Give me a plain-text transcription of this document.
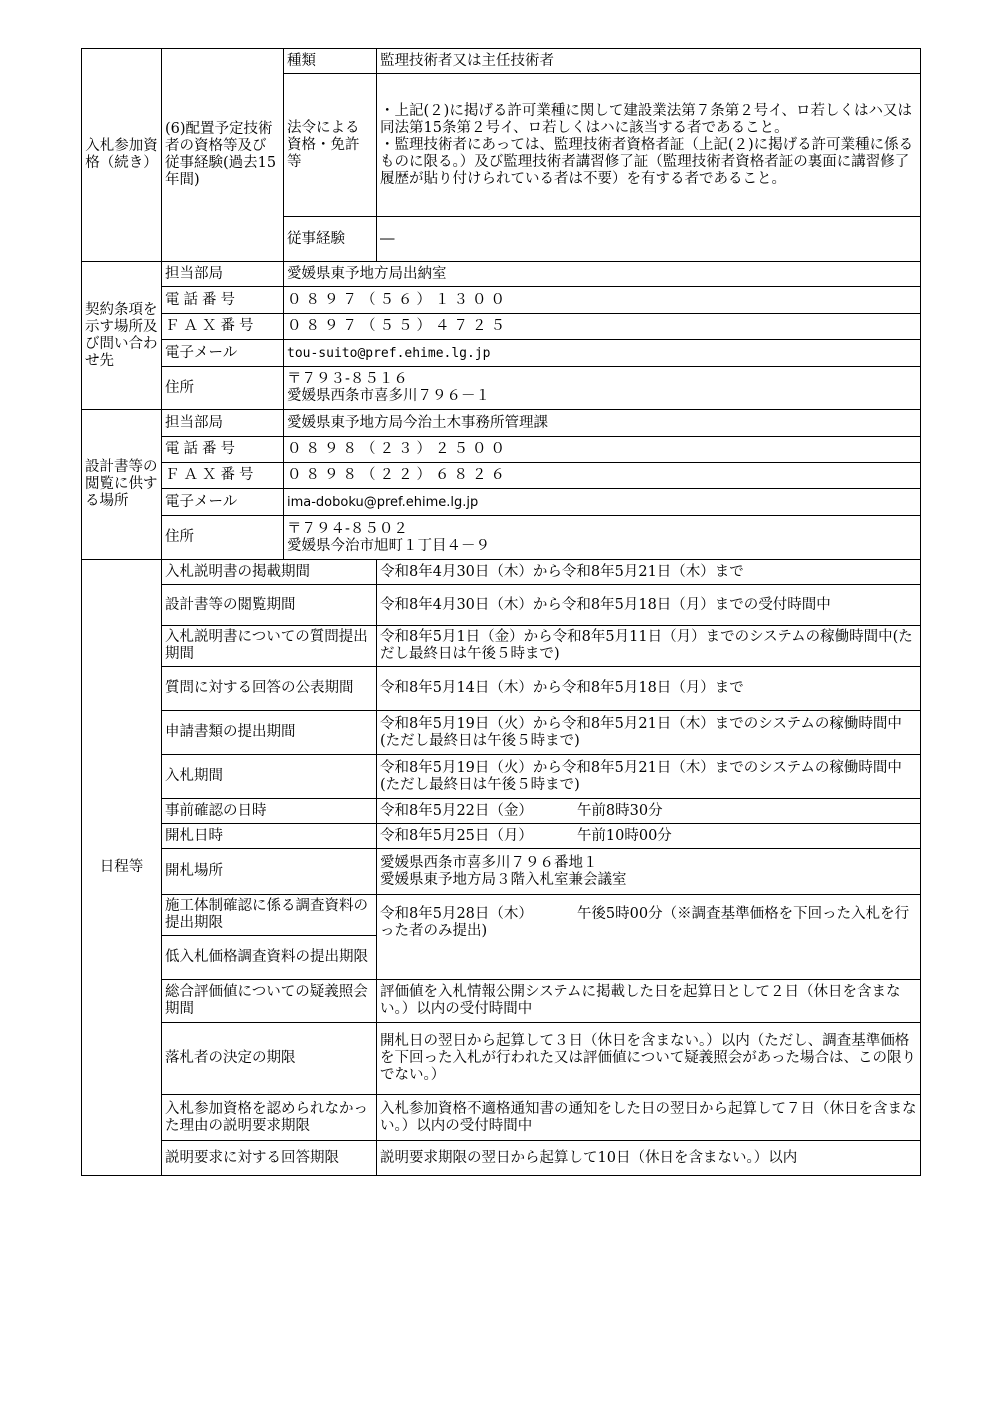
入札参加資格（続き）	(6)配置予定技術者の資格等及び従事経験(過去15年間)	種類	監理技術者又は主任技術者
		法令による資格・免許等	・上記(２)に掲げる許可業種に関して建設業法第７条第２号イ、ロ若しくはハ又は同法第15条第２号イ、ロ若しくはハに該当する者であること。
・監理技術者にあっては、監理技術者資格者証（上記(２)に掲げる許可業種に係るものに限る。）及び監理技術者講習修了証（監理技術者資格者証の裏面に講習修了履歴が貼り付けられている者は不要）を有する者であること。

		従事経験	―
契約条項を示す場所及び問い合わせ先	担当部局	愛媛県東予地方局出納室	
	電話番号	０８９７（５６）１３００	
	ＦＡＸ番号	０８９７（５５）４７２５	
	電子メール	tou-suito@pref.ehime.lg.jp	
	住所	〒７９３-８５１６
愛媛県西条市喜多川７９６－１	

設計書等の閲覧に供する場所	担当部局	愛媛県東予地方局今治土木事務所管理課	
	電話番号	０８９８（２３）２５００	
	ＦＡＸ番号	０８９８（２２）６８２６	
	電子メール	ima-doboku@pref.ehime.lg.jp	
	住所	〒７９４-８５０２
愛媛県今治市旭町１丁目４－９	

日程等	入札説明書の掲載期間		令和8年4月30日（木）から令和8年5月21日（木）まで
	設計書等の閲覧期間		令和8年4月30日（木）から令和8年5月18日（月）までの受付時間中
	入札説明書についての質問提出期間		令和8年5月1日（金）から令和8年5月11日（月）までのシステムの稼働時間中(ただし最終日は午後５時まで)
	質問に対する回答の公表期間		令和8年5月14日（木）から令和8年5月18日（月）まで
	申請書類の提出期間		令和8年5月19日（火）から令和8年5月21日（木）までのシステムの稼働時間中(ただし最終日は午後５時まで)
	入札期間		令和8年5月19日（火）から令和8年5月21日（木）までのシステムの稼働時間中(ただし最終日は午後５時まで)
	事前確認の日時		令和8年5月22日（金） 午前8時30分
	開札日時		令和8年5月25日（月） 午前10時00分
	開札場所		愛媛県西条市喜多川７９６番地１
愛媛県東予地方局３階入札室兼会議室

	施工体制確認に係る調査資料の提出期限		令和8年5月28日（木） 午後5時00分（※調査基準価格を下回った入札を行った者のみ提出)

	低入札価格調査資料の提出期限		
	総合評価値についての疑義照会期間		評価値を入札情報公開システムに掲載した日を起算日として２日（休日を含まない。）以内の受付時間中
	落札者の決定の期限		開札日の翌日から起算して３日（休日を含まない。）以内（ただし、調査基準価格を下回った入札が行われた又は評価値について疑義照会があった場合は、この限りでない。）
	入札参加資格を認められなかった理由の説明要求期限		入札参加資格不適格通知書の通知をした日の翌日から起算して７日（休日を含まない。）以内の受付時間中
	説明要求に対する回答期限		説明要求期限の翌日から起算して10日（休日を含まない。）以内
